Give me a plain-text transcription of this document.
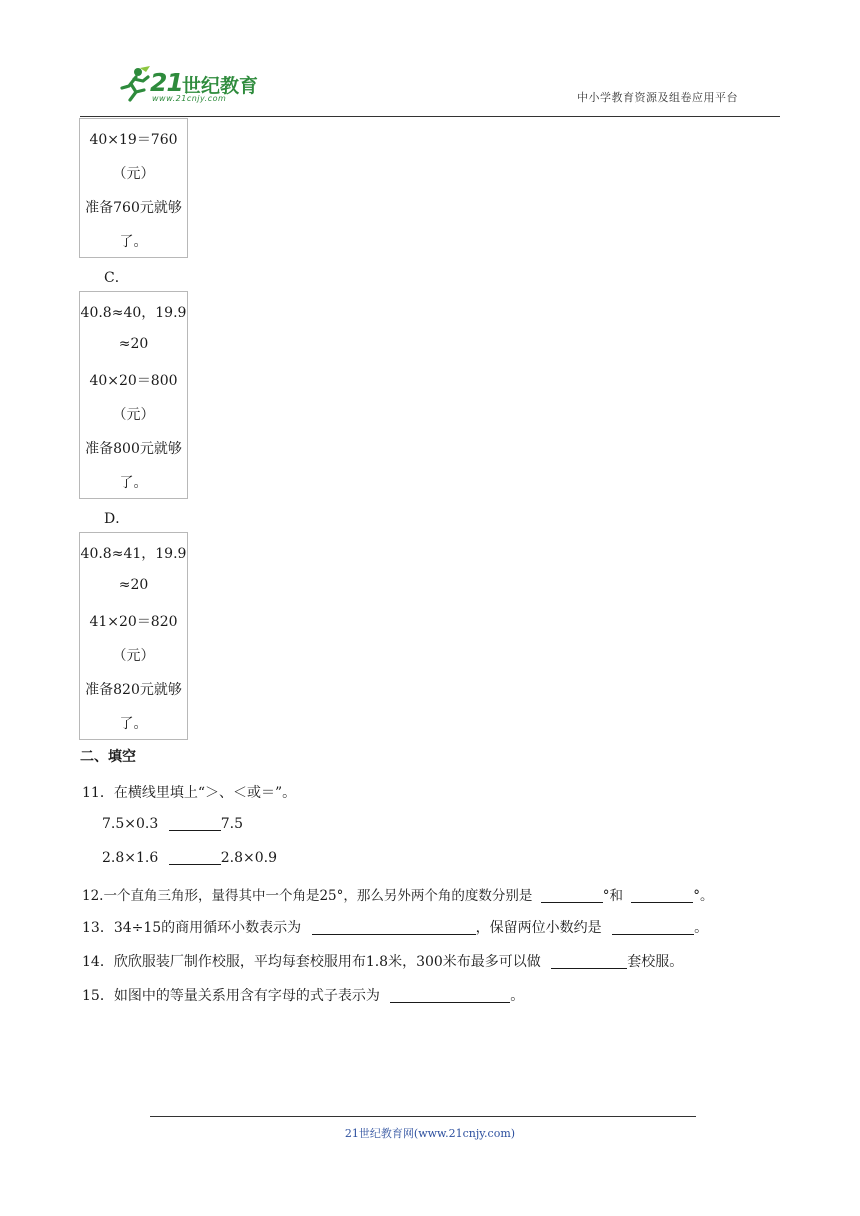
21 世纪教育
www.21cnjy.com	中小学教育资源及组卷应用平台
40×19＝760
（元）
准备760元就够
了。
C．
40.8≈40，19.9
≈20
40×20＝800
（元）
准备800元就够
了。
D．
40.8≈41，19.9
≈20
41×20＝820
（元）
准备820元就够
了。
二、填空
11．在横线里填上“＞、＜或＝”。
7.5×0.3	7.5
2.8×1.6	2.8×0.9
12.一个直角三角形，量得其中一个角是25°，那么另外两个角的度数分别是	°和	°。
13．34÷15的商用循环小数表示为	，保留两位小数约是	。
14．欣欣服装厂制作校服，平均每套校服用布1.8米，300米布最多可以做	套校服。
15．如图中的等量关系用含有字母的式子表示为	。
21世纪教育网(www.21cnjy.com)
